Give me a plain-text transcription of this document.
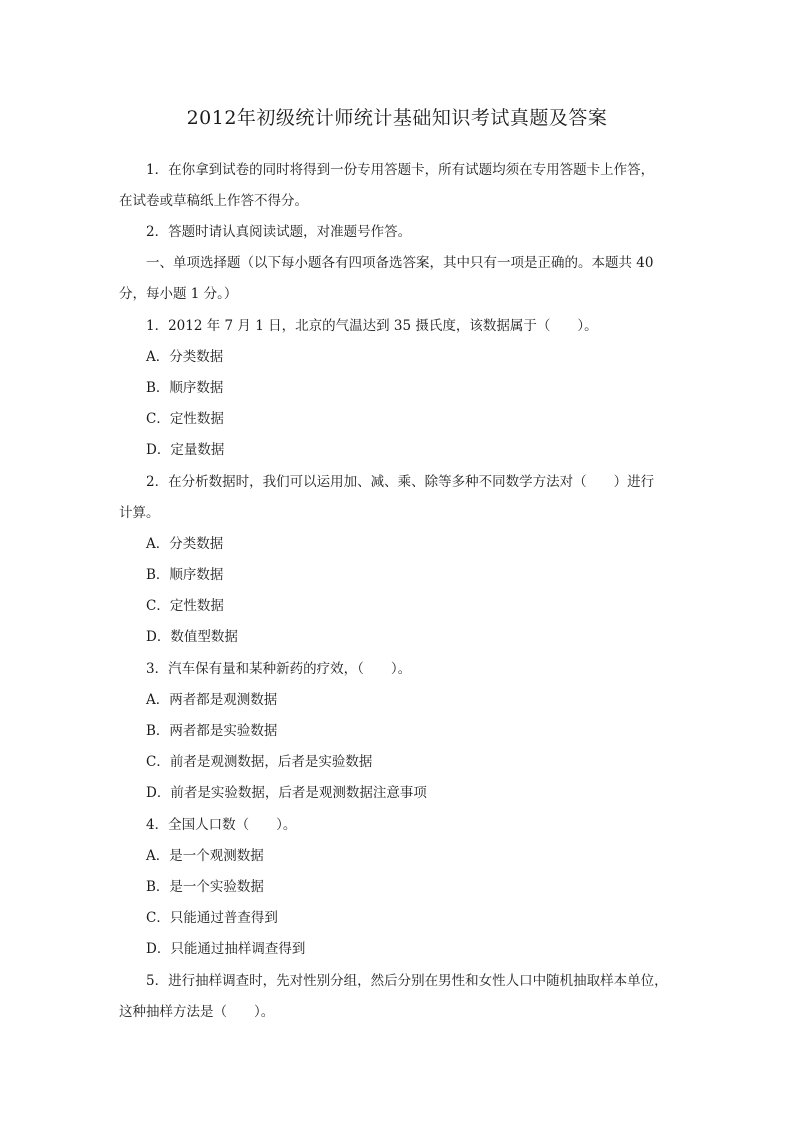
2012年初级统计师统计基础知识考试真题及答案

1．在你拿到试卷的同时将得到一份专用答题卡，所有试题均须在专用答题卡上作答，

在试卷或草稿纸上作答不得分。

2．答题时请认真阅读试题，对准题号作答。

一、单项选择题（以下每小题各有四项备选答案，其中只有一项是正确的。本题共 40

分，每小题 1 分。）

1．2012 年 7 月 1 日，北京的气温达到 35 摄氏度，该数据属于（　　）。

A．分类数据

B．顺序数据

C．定性数据

D．定量数据

2．在分析数据时，我们可以运用加、减、乘、除等多种不同数学方法对（　　）进行

计算。

A．分类数据

B．顺序数据

C．定性数据

D．数值型数据

3．汽车保有量和某种新药的疗效，（　　）。

A．两者都是观测数据

B．两者都是实验数据

C．前者是观测数据，后者是实验数据

D．前者是实验数据，后者是观测数据注意事项

4．全国人口数（　　）。

A．是一个观测数据

B．是一个实验数据

C．只能通过普查得到

D．只能通过抽样调查得到

5．进行抽样调查时，先对性别分组，然后分别在男性和女性人口中随机抽取样本单位，

这种抽样方法是（　　）。
